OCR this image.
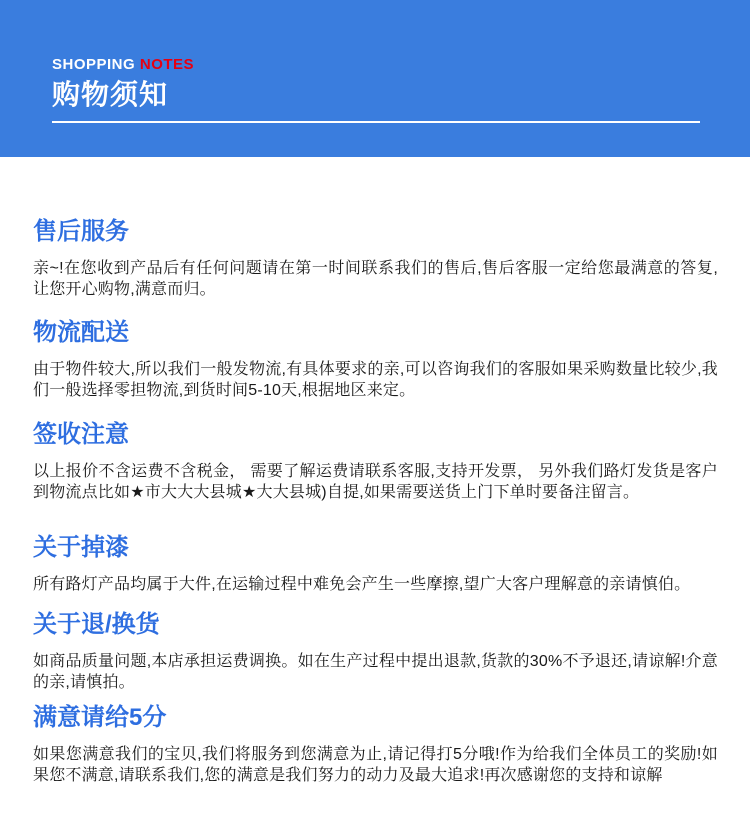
SHOPPING NOTES
购物须知
售后服务

亲~!在您收到产品后有任何问题请在第一时间联系我们的售后,售后客服一定给您最满意的答复,让您开心购物,满意而归。

物流配送

由于物件较大,所以我们一般发物流,有具体要求的亲,可以咨询我们的客服如果采购数量比较少,我们一般选择零担物流,到货时间5-10天,根据地区来定。

签收注意

以上报价不含运费不含税金， 需要了解运费请联系客服,支持开发票， 另外我们路灯发货是客户到物流点比如★市大大大县城★大大县城)自提,如果需要送货上门下单时要备注留言。

关于掉漆

所有路灯产品均属于大件,在运输过程中难免会产生一些摩擦,望广大客户理解意的亲请慎伯。

关于退/换货

如商品质量问题,本店承担运费调换。如在生产过程中提出退款,货款的30%不予退还,请谅解!介意的亲,请慎拍。

满意请给5分

如果您满意我们的宝贝,我们将服务到您满意为止,请记得打5分哦!作为给我们全体员工的奖励!如果您不满意,请联系我们,您的满意是我们努力的动力及最大追求!再次感谢您的支持和谅解
